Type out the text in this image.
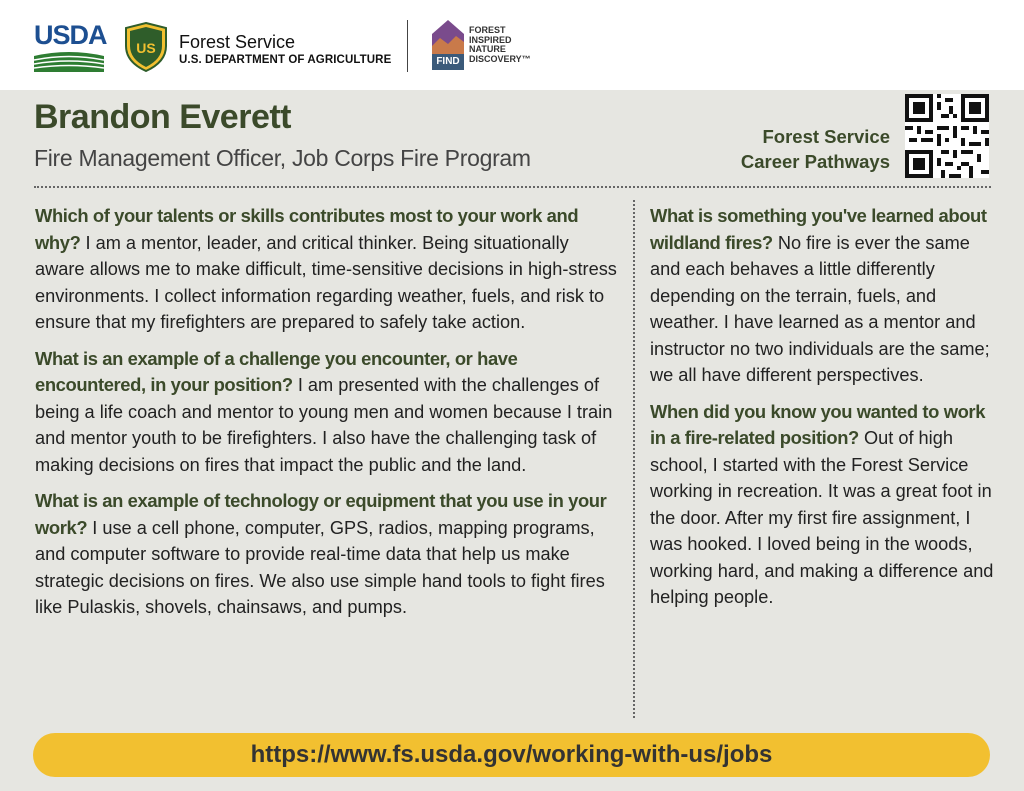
USDA US Forest Service
U.S. DEPARTMENT OF AGRICULTURE	FIND
FOREST
INSPIRED
NATURE
DISCOVERY™
Brandon Everett
Fire Management Officer, Job Corps Fire Program
Forest Service
Career Pathways

Which of your talents or skills contributes most to your work and why? I am a mentor, leader, and critical thinker. Being situationally aware allows me to make difficult, time-sensitive decisions in high-stress environments. I collect information regarding weather, fuels, and risk to ensure that my firefighters are prepared to safely take action.

What is an example of a challenge you encounter, or have encountered, in your position? I am presented with the challenges of being a life coach and mentor to young men and women because I train and mentor youth to be firefighters. I also have the challenging task of making decisions on fires that impact the public and the land.

What is an example of technology or equipment that you use in your work? I use a cell phone, computer, GPS, radios, mapping programs, and computer software to provide real-time data that help us make strategic decisions on fires. We also use simple hand tools to fight fires like Pulaskis, shovels, chainsaws, and pumps.

What is something you've learned about wildland fires? No fire is ever the same and each behaves a little differently depending on the terrain, fuels, and weather. I have learned as a mentor and instructor no two individuals are the same; we all have different perspectives.

When did you know you wanted to work in a fire-related position? Out of high school, I started with the Forest Service working in recreation. It was a great foot in the door. After my first fire assignment, I was hooked. I loved being in the woods, working hard, and making a difference and helping people.

https://www.fs.usda.gov/working-with-us/jobs
